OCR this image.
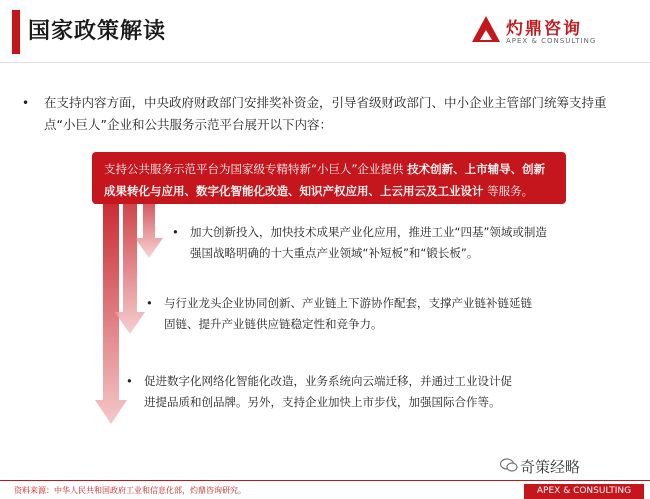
国家政策解读	灼鼎咨询
APEX & CONSULTING
• 在支持内容方面，中央政府财政部门安排奖补资金，引导省级财政部门、中小企业主管部门统筹支持重点“小巨人”企业和公共服务示范平台展开以下内容：
支持公共服务示范平台为国家级专精特新“小巨人”企业提供 技术创新、上市辅导、创新成果转化与应用、数字化智能化改造、知识产权应用、上云用云及工业设计 等服务。
• 加大创新投入，加快技术成果产业化应用，推进工业“四基”领域或制造
强国战略明确的十大重点产业领域“补短板”和“锻长板”。
• 与行业龙头企业协同创新、产业链上下游协作配套，支撑产业链补链延链
固链、提升产业链供应链稳定性和竞争力。
• 促进数字化网络化智能化改造，业务系统向云端迁移，并通过工业设计促
进提品质和创品牌。另外，支持企业加快上市步伐，加强国际合作等。
奇策经略
资料来源：中华人民共和国政府工业和信息化部，灼鼎咨询研究。	APEX & CONSULTING
